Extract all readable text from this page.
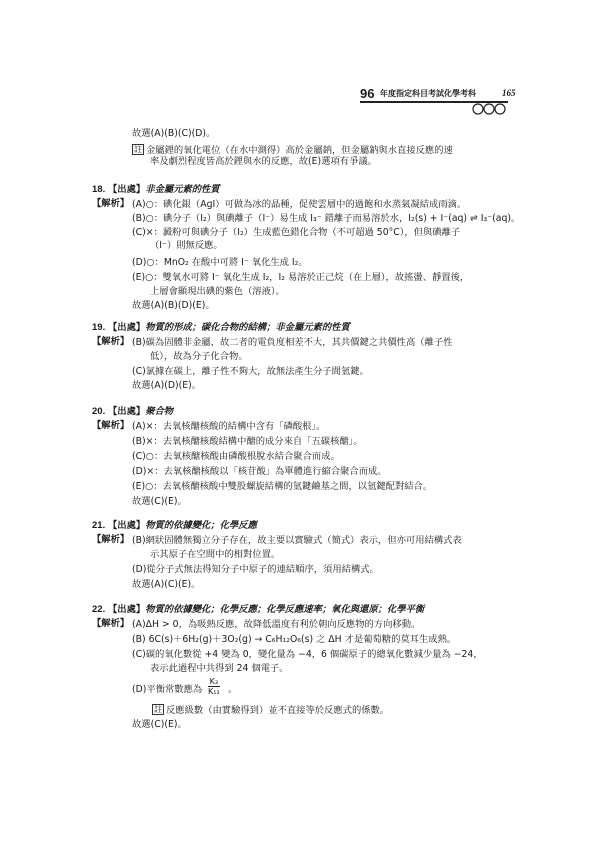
96 年度指定科目考試化學考科	165
18. 【出處】非金屬元素的性質
【解析】
19. 【出處】物質的形成；碳化合物的結構；非金屬元素的性質
【解析】
20. 【出處】聚合物
【解析】
21. 【出處】物質的依據變化；化學反應
【解析】
22. 【出處】物質的依據變化；化學反應；化學反應速率；氧化與還原；化學平衡
【解析】
故選(A)(B)(C)(D)。
註 金屬鋰的氧化電位（在水中測得）高於金屬鈉，但金屬鈉與水直接反應的速
率及劇烈程度皆高於鋰與水的反應，故(E)選項有爭議。
(A)○：碘化銀（AgI）可做為冰的晶種，促使雲層中的過飽和水蒸氣凝結成雨滴。
(B)○：碘分子（I₂）與碘離子（I⁻）易生成 I₃⁻ 錯離子而易溶於水，I₂(s) + I⁻(aq) ⇌ I₃⁻(aq)。
(C)×：澱粉可與碘分子（I₂）生成藍色錯化合物（不可超過 50°C），但與碘離子
（I⁻）則無反應。
(D)○：MnO₂ 在酸中可將 I⁻ 氧化生成 I₂。
(E)○：雙氧水可將 I⁻ 氧化生成 I₂，I₂ 易溶於正己烷（在上層），故搖盪、靜置後，
上層會顯現出碘的紫色（溶液）。
故選(A)(B)(D)(E)。
(B)碳為固體非金屬，故二者的電負度相差不大，其共價鍵之共價性高（離子性
低），故為分子化合物。
(C)氯據在碳上，離子性不夠大，故無法產生分子間氫鍵。
故選(A)(D)(E)。
(A)×：去氧核醣核酸的結構中含有「磷酸根」。
(B)×：去氧核醣核酸結構中醣的成分來自「五碳核醣」。
(C)○：去氧核醣核酸由磷酸根脫水結合聚合而成。
(D)×：去氧核醣核酸以「核苷酸」為單體進行縮合聚合而成。
(E)○：去氧核醣核酸中雙股螺旋結構的氫鍵鹼基之間，以氫鍵配對結合。
故選(C)(E)。
(B)網狀固體無獨立分子存在，故主要以實驗式（簡式）表示，但亦可用結構式表
示其原子在空間中的相對位置。
(D)從分子式無法得知分子中原子的連結順序，須用結構式。
故選(A)(C)(E)。
(A)ΔH > 0，為吸熱反應，故降低溫度有利於朝向反應物的方向移動。
(B) 6C(s)＋6H₂(g)＋3O₂(g) → C₆H₁₂O₆(s) 之 ΔH 才是葡萄糖的莫耳生成熱。
(C)碳的氧化數從 +4 變為 0，變化量為 −4，6 個碳原子的總氧化數減少量為 −24，
表示此過程中共得到 24 個電子。
(D)平衡常數應為
註 反應級數（由實驗得到）並不直接等於反應式的係數。
故選(C)(E)。
$\frac{\text{K₃}}{\text{K₁₂}}$ 。
